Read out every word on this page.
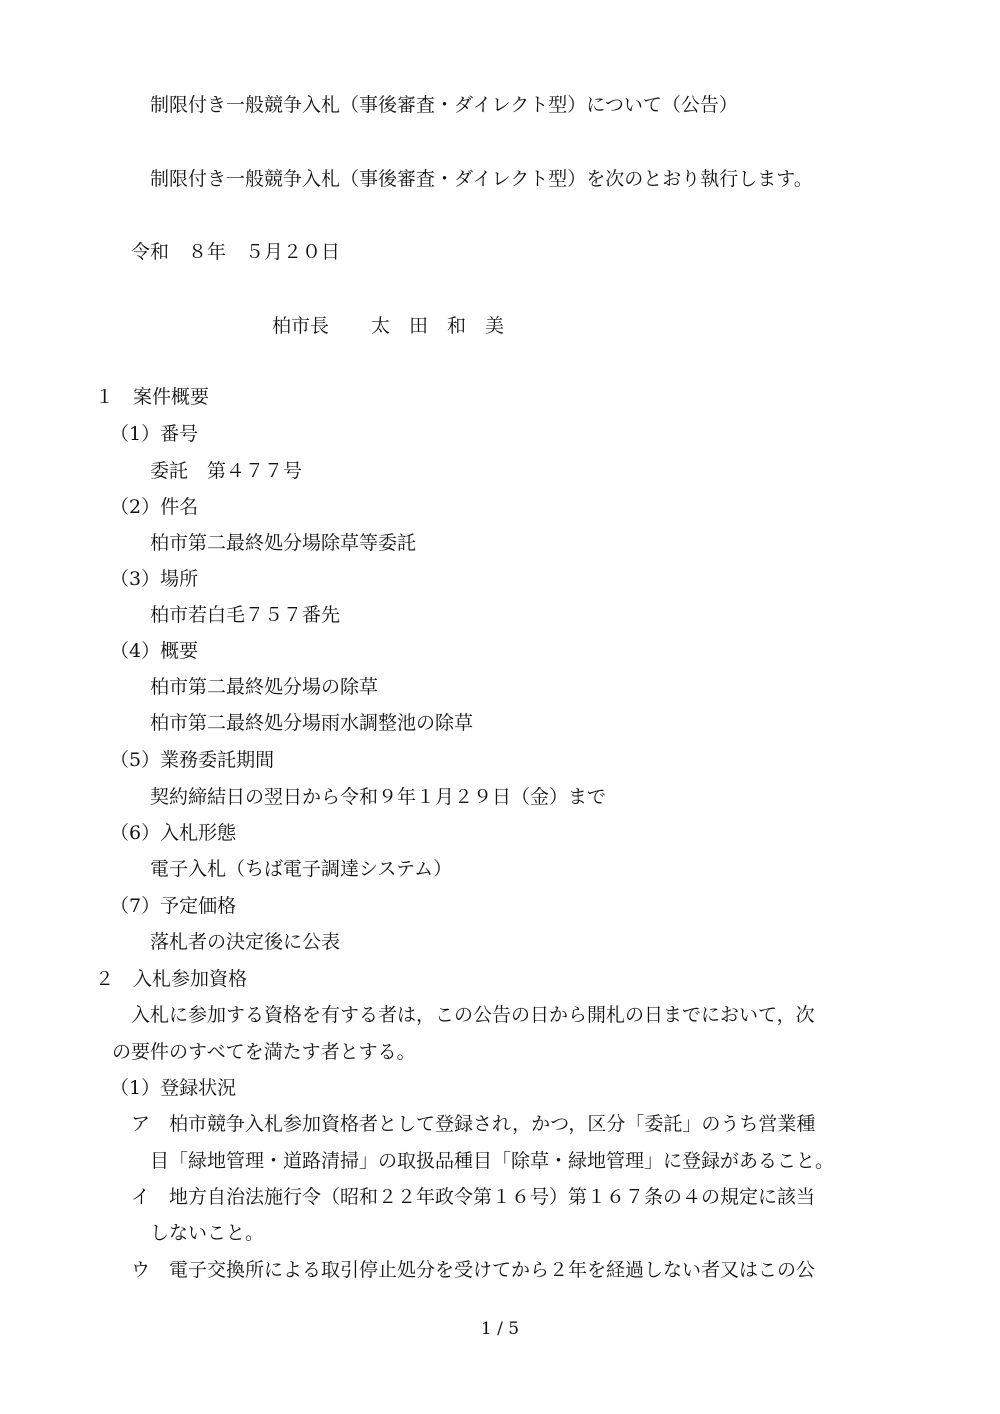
制限付き一般競争入札（事後審査・ダイレクト型）について（公告）

制限付き一般競争入札（事後審査・ダイレクト型）を次のとおり執行します。

令和　８年　５月２０日

柏市長 太　田　和　美

１　案件概要

（1）番号

委託　第４７７号

（2）件名

柏市第二最終処分場除草等委託

（3）場所

柏市若白毛７５７番先

（4）概要

柏市第二最終処分場の除草

柏市第二最終処分場雨水調整池の除草

（5）業務委託期間

契約締結日の翌日から令和９年１月２９日（金）まで

（6）入札形態

電子入札（ちば電子調達システム）

（7）予定価格

落札者の決定後に公表

２　入札参加資格

入札に参加する資格を有する者は，この公告の日から開札の日までにおいて，次

の要件のすべてを満たす者とする。

（1）登録状況

ア　柏市競争入札参加資格者として登録され，かつ，区分「委託」のうち営業種

目「緑地管理・道路清掃」の取扱品種目「除草・緑地管理」に登録があること。

イ　地方自治法施行令（昭和２２年政令第１６号）第１６７条の４の規定に該当

しないこと。

ウ　電子交換所による取引停止処分を受けてから２年を経過しない者又はこの公

1 / 5
